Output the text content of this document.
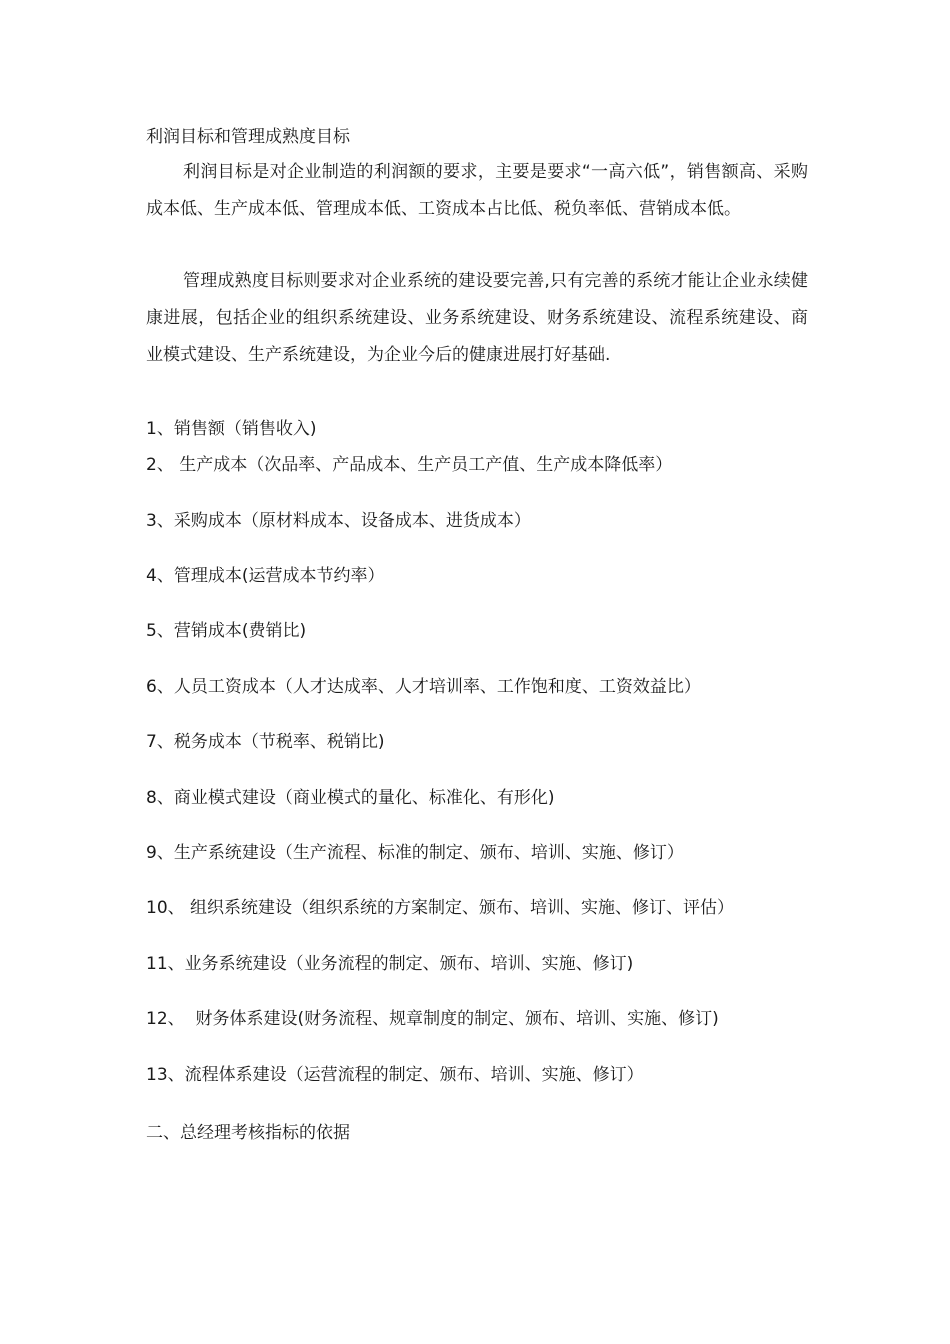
利润目标和管理成熟度目标
利润目标是对企业制造的利润额的要求，主要是要求“一高六低”，销售额高、采购成本低、生产成本低、管理成本低、工资成本占比低、税负率低、营销成本低。
管理成熟度目标则要求对企业系统的建设要完善,只有完善的系统才能让企业永续健康进展，包括企业的组织系统建设、业务系统建设、财务系统建设、流程系统建设、商业模式建设、生产系统建设，为企业今后的健康进展打好基础.
1、销售额（销售收入)
2、 生产成本（次品率、产品成本、生产员工产值、生产成本降低率）
3、采购成本（原材料成本、设备成本、进货成本）
4、管理成本(运营成本节约率）
5、营销成本(费销比)
6、人员工资成本（人才达成率、人才培训率、工作饱和度、工资效益比）
7、税务成本（节税率、税销比)
8、商业模式建设（商业模式的量化、标准化、有形化)
9、生产系统建设（生产流程、标准的制定、颁布、培训、实施、修订）
10、 组织系统建设（组织系统的方案制定、颁布、培训、实施、修订、评估）
11、业务系统建设（业务流程的制定、颁布、培训、实施、修订)
12、  财务体系建设(财务流程、规章制度的制定、颁布、培训、实施、修订)
13、流程体系建设（运营流程的制定、颁布、培训、实施、修订）
二、总经理考核指标的依据
